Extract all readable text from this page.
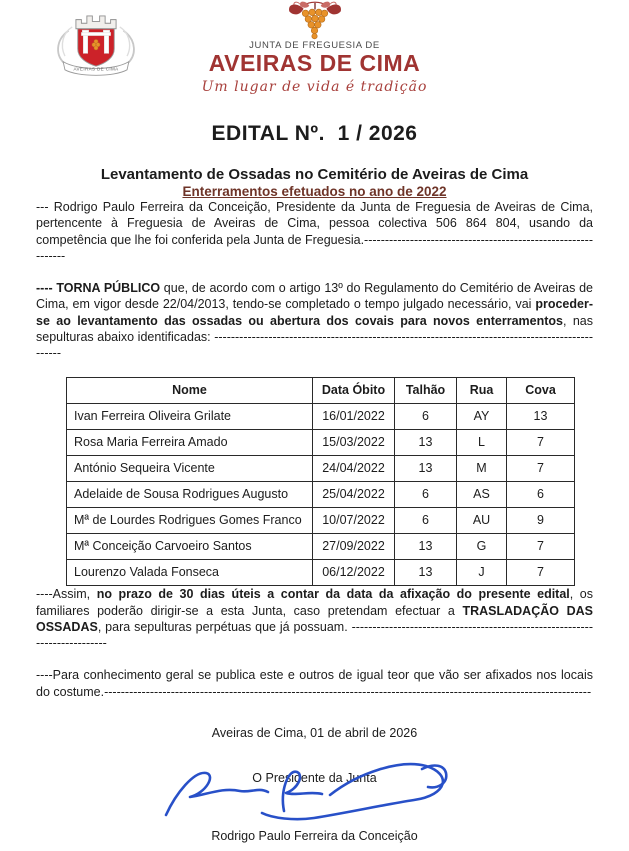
AVEIRAS DE CIMA
JUNTA DE FREGUESIA DE
AVEIRAS DE CIMA
Um lugar de vida é tradição
EDITAL Nº.  1 / 2026
Levantamento de Ossadas no Cemitério de Aveiras de Cima
Enterramentos efetuados no ano de 2022

--- Rodrigo Paulo Ferreira da Conceição, Presidente da Junta de Freguesia de Aveiras de Cima, pertencente à Freguesia de Aveiras de Cima, pessoa colectiva 506 864 804, usando da competência que lhe foi conferida pela Junta de Freguesia.--------------------------------------------------------------

---- TORNA PÚBLICO que, de acordo com o artigo 13º do Regulamento do Cemitério de Aveiras de Cima, em vigor desde 22/04/2013, tendo-se completado o tempo julgado necessário, vai proceder-se ao levantamento das ossadas ou abertura dos covais para novos enterramentos, nas sepulturas abaixo identificadas: -------------------------------------------------------------------------------------------------

Nome	Data Óbito	Talhão	Rua	Cova
Ivan Ferreira Oliveira Grilate	16/01/2022	6	AY	13
Rosa Maria Ferreira Amado	15/03/2022	13	L	7
António Sequeira Vicente	24/04/2022	13	M	7
Adelaide de Sousa Rodrigues Augusto	25/04/2022	6	AS	6
Mª de Lourdes Rodrigues Gomes Franco	10/07/2022	6	AU	9
Mª Conceição Carvoeiro Santos	27/09/2022	13	G	7
Lourenzo Valada Fonseca	06/12/2022	13	J	7

----Assim, no prazo de 30 dias úteis a contar da data da afixação do presente edital, os familiares poderão dirigir-se a esta Junta, caso pretendam efectuar a TRASLADAÇÃO DAS OSSADAS, para sepulturas perpétuas que já possuam. ---------------------------------------------------------------------------

----Para conhecimento geral se publica este e outros de igual teor que vão ser afixados nos locais do costume.---------------------------------------------------------------------------------------------------------------------

Aveiras de Cima, 01 de abril de 2026
O Presidente da Junta
Rodrigo Paulo Ferreira da Conceição
